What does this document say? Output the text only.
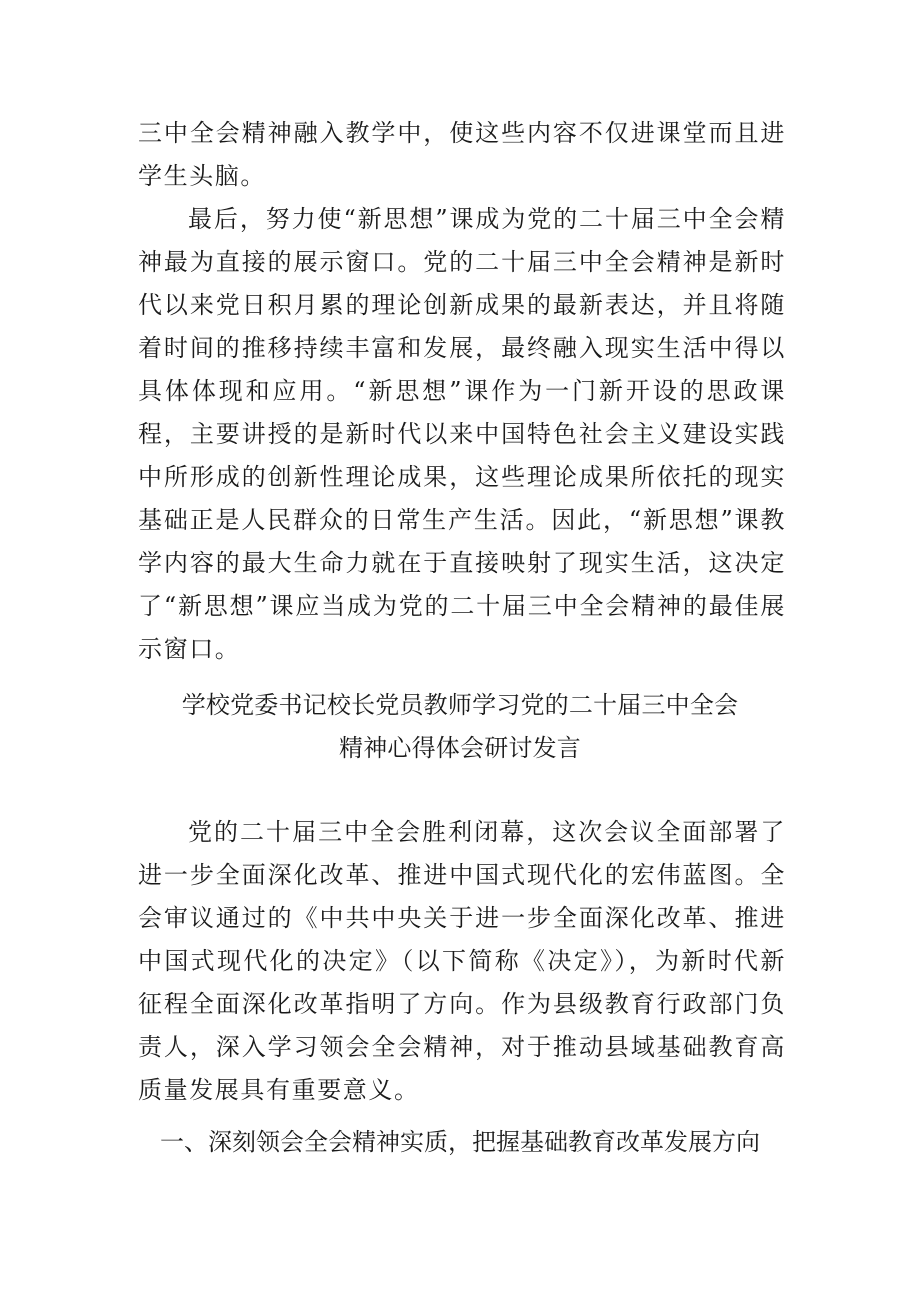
三中全会精神融入教学中，使这些内容不仅进课堂而且进学生头脑。

最后，努力使“新思想”课成为党的二十届三中全会精神最为直接的展示窗口。党的二十届三中全会精神是新时代以来党日积月累的理论创新成果的最新表达，并且将随着时间的推移持续丰富和发展，最终融入现实生活中得以具体体现和应用。“新思想”课作为一门新开设的思政课程，主要讲授的是新时代以来中国特色社会主义建设实践中所形成的创新性理论成果，这些理论成果所依托的现实基础正是人民群众的日常生产生活。因此，“新思想”课教学内容的最大生命力就在于直接映射了现实生活，这决定了“新思想”课应当成为党的二十届三中全会精神的最佳展示窗口。

学校党委书记校长党员教师学习党的二十届三中全会

精神心得体会研讨发言

党的二十届三中全会胜利闭幕，这次会议全面部署了进一步全面深化改革、推进中国式现代化的宏伟蓝图。全会审议通过的《中共中央关于进一步全面深化改革、推进中国式现代化的决定》（以下简称《决定》），为新时代新征程全面深化改革指明了方向。作为县级教育行政部门负责人，深入学习领会全会精神，对于推动县域基础教育高质量发展具有重要意义。

一、深刻领会全会精神实质，把握基础教育改革发展方向
